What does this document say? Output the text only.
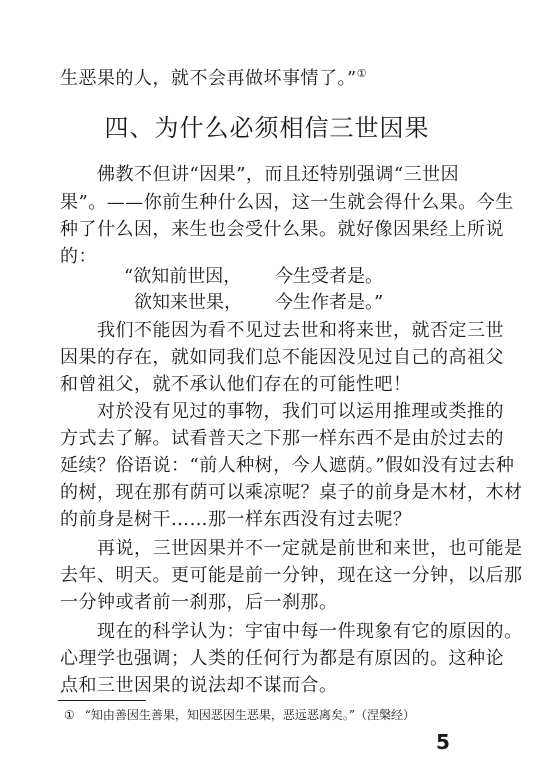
生恶果的人，就不会再做坏事情了。”①
四、为什么必须相信三世因果
　　佛教不但讲“因果”，而且还特别强调“三世因
果”。——你前生种什么因，这一生就会得什么果。今生
种了什么因，来生也会受什么果。就好像因果经上所说
的：
“欲知前世因， 今生受者是。
欲知来世果， 今生作者是。”
　　我们不能因为看不见过去世和将来世，就否定三世
因果的存在，就如同我们总不能因没见过自己的高祖父
和曾祖父，就不承认他们存在的可能性吧！
　　对於没有见过的事物，我们可以运用推理或类推的
方式去了解。试看普天之下那一样东西不是由於过去的
延续？俗语说：“前人种树，今人遮荫。”假如没有过去种
的树，现在那有荫可以乘凉呢？桌子的前身是木材，木材
的前身是树干……那一样东西没有过去呢？
　　再说，三世因果并不一定就是前世和来世，也可能是
去年、明天。更可能是前一分钟，现在这一分钟，以后那
一分钟或者前一刹那，后一刹那。
　　现在的科学认为：宇宙中每一件现象有它的原因的。
心理学也强调；人类的任何行为都是有原因的。这种论
点和三世因果的说法却不谋而合。
① “知由善因生善果，知因恶因生恶果，恶远恶离矣。”（涅槃经）
5
